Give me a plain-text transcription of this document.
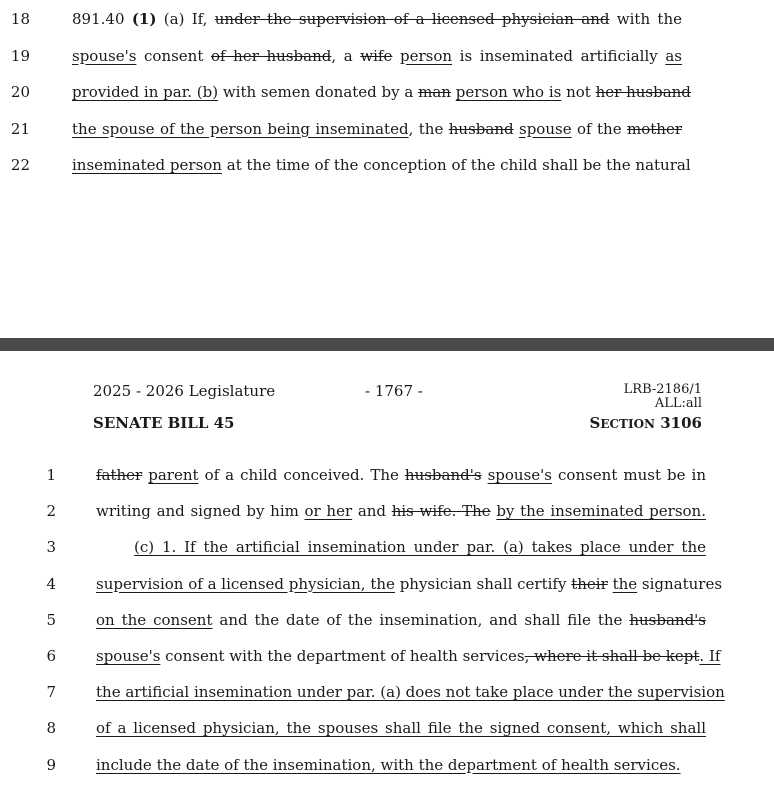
18	891.40 (1) (a) If, under the supervision of a licensed physician and with the
19	spouse's consent of her husband, a wife person is inseminated artificially as
20	provided in par. (b) with semen donated by a man person who is not her husband
21	the spouse of the person being inseminated, the husband spouse of the mother
22	inseminated person at the time of the conception of the child shall be the natural
2025 - 2026 Legislature	- 1767 -	LRB-2186/1
ALL:all
SENATE BILL 45	SECTION 3106
1	father parent of a child conceived. The husband's spouse's consent must be in
2	writing and signed by him or her and his wife. The by the inseminated person.
3	(c) 1. If the artificial insemination under par. (a) takes place under the
4	supervision of a licensed physician, the physician shall certify their the signatures
5	on the consent and the date of the insemination, and shall file the husband's
6	spouse's consent with the department of health services, where it shall be kept. If
7	the artificial insemination under par. (a) does not take place under the supervision
8	of a licensed physician, the spouses shall file the signed consent, which shall
9	include the date of the insemination, with the department of health services.
